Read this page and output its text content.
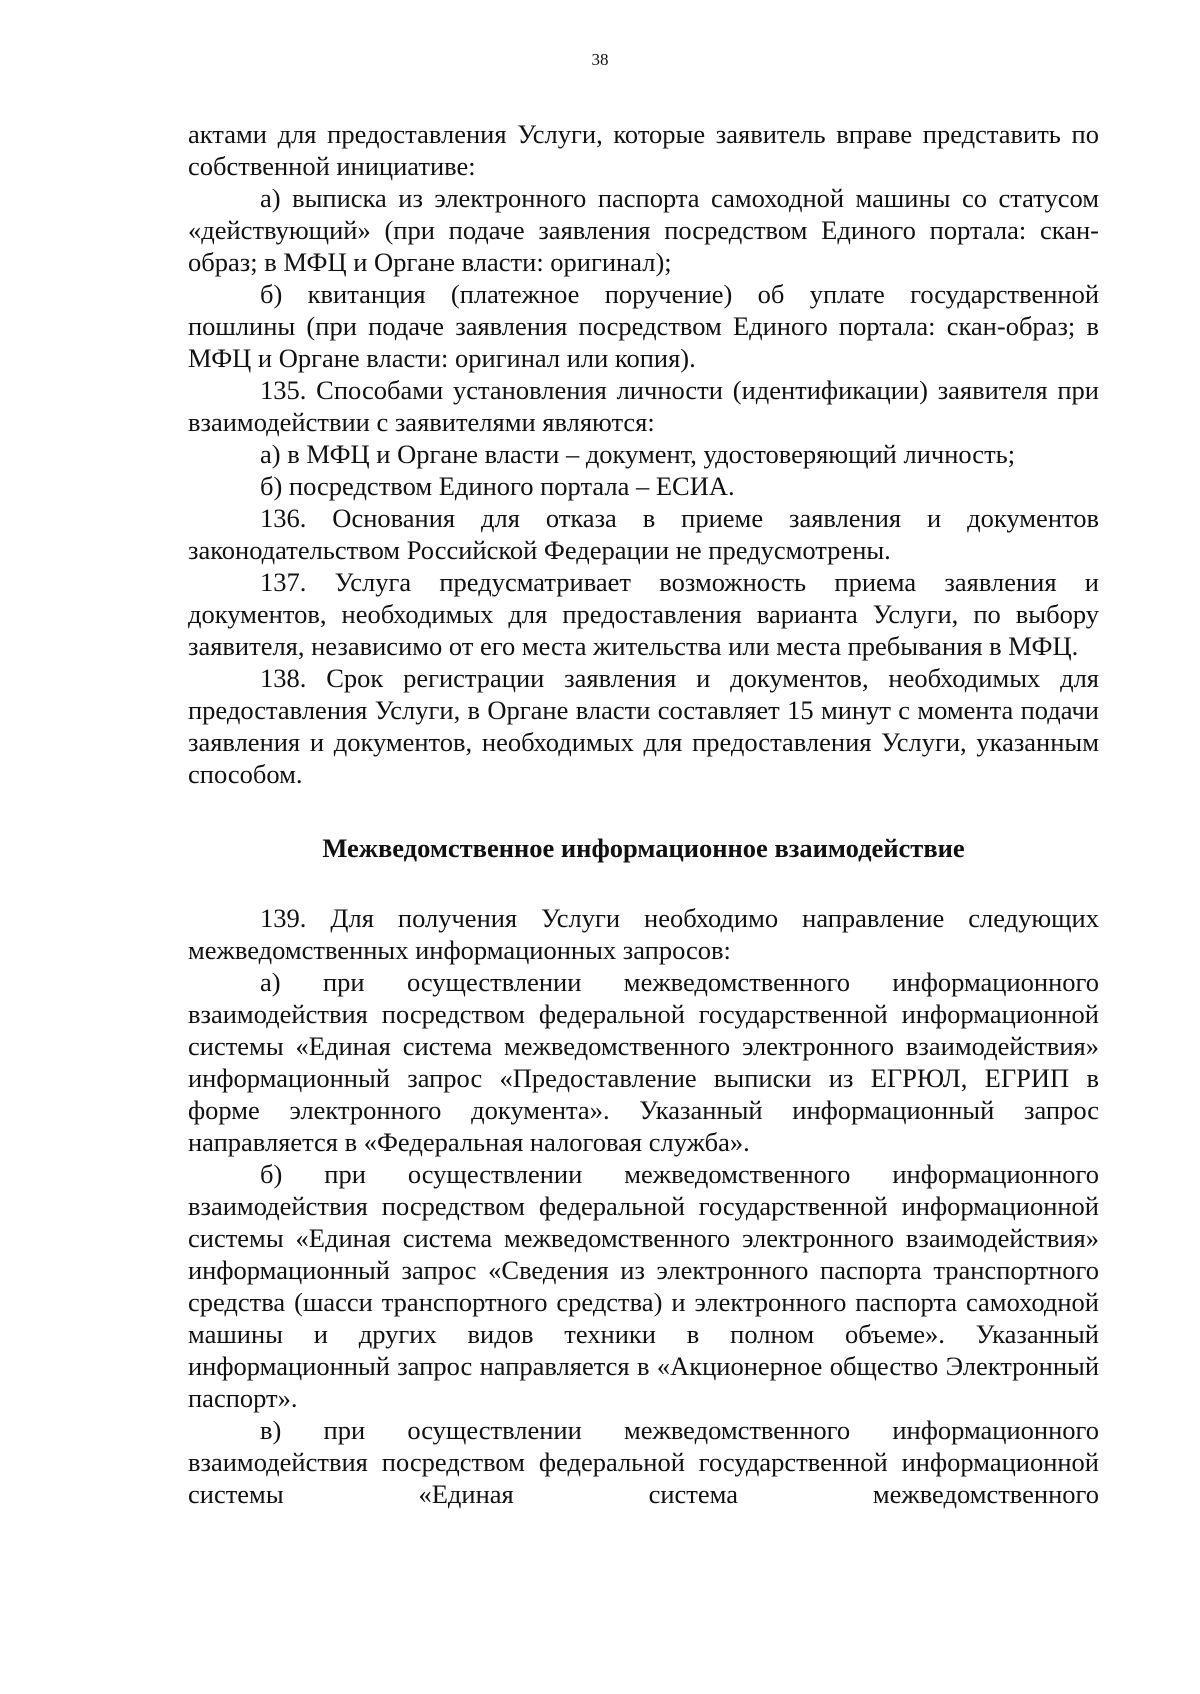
38

актами для предоставления Услуги, которые заявитель вправе представить по собственной инициативе:

а) выписка из электронного паспорта самоходной машины со статусом «действующий» (при подаче заявления посредством Единого портала: скан-образ; в МФЦ и Органе власти: оригинал);

б) квитанция (платежное поручение) об уплате государственной пошлины (при подаче заявления посредством Единого портала: скан-образ; в МФЦ и Органе власти: оригинал или копия).

135. Способами установления личности (идентификации) заявителя при взаимодействии с заявителями являются:

а) в МФЦ и Органе власти – документ, удостоверяющий личность;

б) посредством Единого портала – ЕСИА.

136. Основания для отказа в приеме заявления и документов законодательством Российской Федерации не предусмотрены.

137. Услуга предусматривает возможность приема заявления и документов, необходимых для предоставления варианта Услуги, по выбору заявителя, независимо от его места жительства или места пребывания в МФЦ.

138. Срок регистрации заявления и документов, необходимых для предоставления Услуги, в Органе власти составляет 15 минут с момента подачи заявления и документов, необходимых для предоставления Услуги, указанным способом.

Межведомственное информационное взаимодействие

139. Для получения Услуги необходимо направление следующих межведомственных информационных запросов:

а) при осуществлении межведомственного информационного взаимодействия посредством федеральной государственной информационной системы «Единая система межведомственного электронного взаимодействия» информационный запрос «Предоставление выписки из ЕГРЮЛ, ЕГРИП в форме электронного документа». Указанный информационный запрос направляется в «Федеральная налоговая служба».

б) при осуществлении межведомственного информационного взаимодействия посредством федеральной государственной информационной системы «Единая система межведомственного электронного взаимодействия» информационный запрос «Сведения из электронного паспорта транспортного средства (шасси транспортного средства) и электронного паспорта самоходной машины и других видов техники в полном объеме». Указанный информационный запрос направляется в «Акционерное общество Электронный паспорт».

в) при осуществлении межведомственного информационного взаимодействия посредством федеральной государственной информационной системы «Единая система межведомственного
